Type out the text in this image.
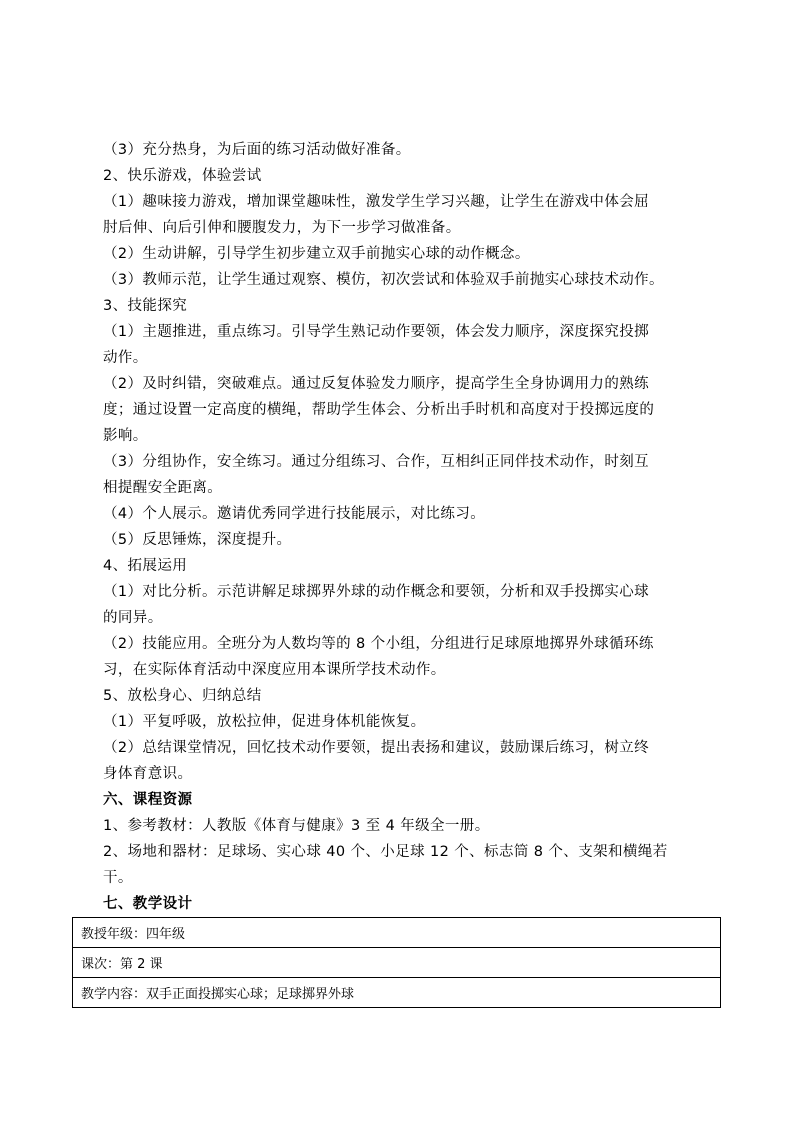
（3）充分热身，为后面的练习活动做好准备。

2、快乐游戏，体验尝试

（1）趣味接力游戏，增加课堂趣味性，激发学生学习兴趣，让学生在游戏中体会屈

肘后伸、向后引伸和腰腹发力，为下一步学习做准备。

（2）生动讲解，引导学生初步建立双手前抛实心球的动作概念。

（3）教师示范，让学生通过观察、模仿，初次尝试和体验双手前抛实心球技术动作。

3、技能探究

（1）主题推进，重点练习。引导学生熟记动作要领，体会发力顺序，深度探究投掷

动作。

（2）及时纠错，突破难点。通过反复体验发力顺序，提高学生全身协调用力的熟练

度；通过设置一定高度的横绳，帮助学生体会、分析出手时机和高度对于投掷远度的

影响。

（3）分组协作，安全练习。通过分组练习、合作，互相纠正同伴技术动作，时刻互

相提醒安全距离。

（4）个人展示。邀请优秀同学进行技能展示，对比练习。

（5）反思锤炼，深度提升。

4、拓展运用

（1）对比分析。示范讲解足球掷界外球的动作概念和要领，分析和双手投掷实心球

的同异。

（2）技能应用。全班分为人数均等的 8 个小组，分组进行足球原地掷界外球循环练

习，在实际体育活动中深度应用本课所学技术动作。

5、放松身心、归纳总结

（1）平复呼吸，放松拉伸，促进身体机能恢复。

（2）总结课堂情况，回忆技术动作要领，提出表扬和建议，鼓励课后练习，树立终

身体育意识。

六、课程资源

1、参考教材：人教版《体育与健康》3 至 4 年级全一册。

2、场地和器材：足球场、实心球 40 个、小足球 12 个、标志筒 8 个、支架和横绳若

干。

七、教学设计

教授年级：四年级
课次：第 2 课
教学内容：双手正面投掷实心球；足球掷界外球
